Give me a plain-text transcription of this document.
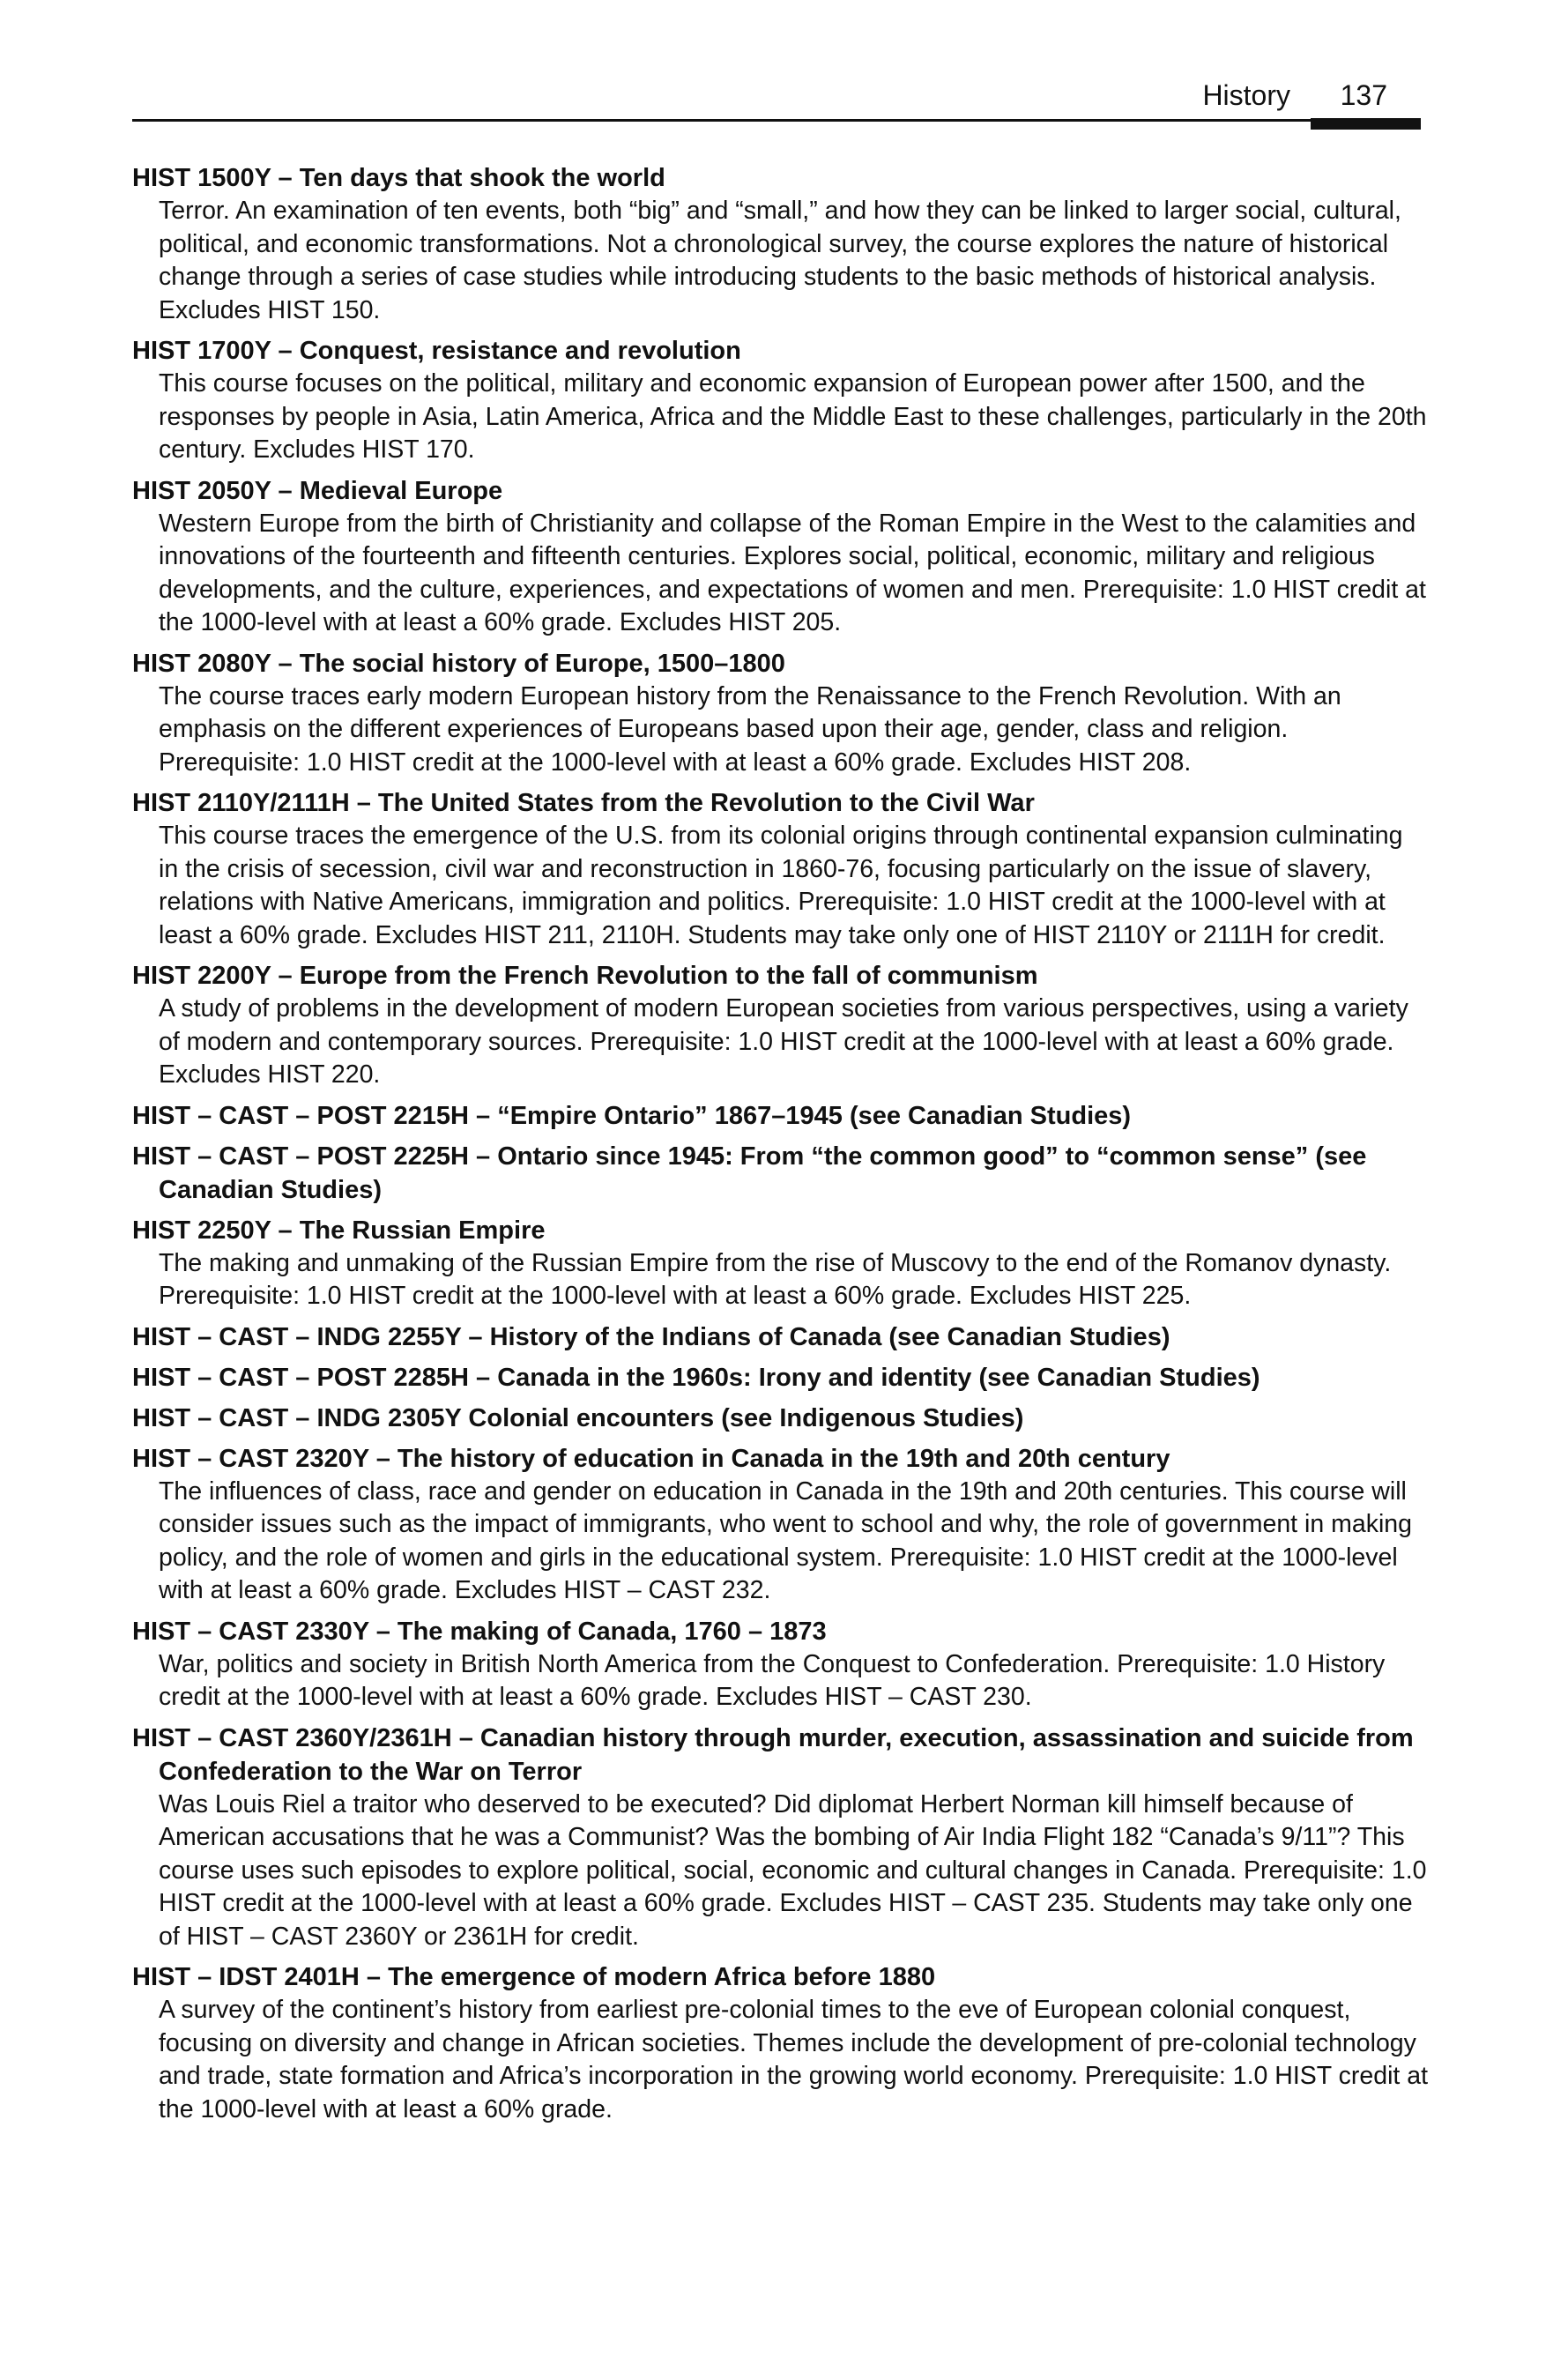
History 137

HIST 1500Y – Ten days that shook the world

Terror. An examination of ten events, both “big” and “small,” and how they can be linked to larger social, cultural, political, and economic transformations. Not a chronological survey, the course explores the nature of historical change through a series of case studies while introducing students to the basic methods of historical analysis. Excludes HIST 150.

HIST 1700Y – Conquest, resistance and revolution

This course focuses on the political, military and economic expansion of European power after 1500, and the responses by people in Asia, Latin America, Africa and the Middle East to these challenges, particularly in the 20th century. Excludes HIST 170.

HIST 2050Y – Medieval Europe

Western Europe from the birth of Christianity and collapse of the Roman Empire in the West to the calamities and innovations of the fourteenth and fifteenth centuries. Explores social, political, economic, military and religious developments, and the culture, experiences, and expectations of women and men. Prerequisite: 1.0 HIST credit at the 1000-level with at least a 60% grade. Excludes HIST 205.

HIST 2080Y – The social history of Europe, 1500–1800

The course traces early modern European history from the Renaissance to the French Revolution. With an emphasis on the different experiences of Europeans based upon their age, gender, class and religion. Prerequisite: 1.0 HIST credit at the 1000-level with at least a 60% grade. Excludes HIST 208.

HIST 2110Y/2111H – The United States from the Revolution to the Civil War

This course traces the emergence of the U.S. from its colonial origins through continental expansion culminating in the crisis of secession, civil war and reconstruction in 1860-76, focusing particularly on the issue of slavery, relations with Native Americans, immigration and politics. Prerequisite: 1.0 HIST credit at the 1000-level with at least a 60% grade. Excludes HIST 211, 2110H. Students may take only one of HIST 2110Y or 2111H for credit.

HIST 2200Y – Europe from the French Revolution to the fall of communism

A study of problems in the development of modern European societies from various perspectives, using a variety of modern and contemporary sources. Prerequisite: 1.0 HIST credit at the 1000-level with at least a 60% grade. Excludes HIST 220.

HIST – CAST – POST 2215H – “Empire Ontario” 1867–1945 (see Canadian Studies)

HIST – CAST – POST 2225H – Ontario since 1945: From “the common good” to “common sense” (see Canadian Studies)

HIST 2250Y – The Russian Empire

The making and unmaking of the Russian Empire from the rise of Muscovy to the end of the Romanov dynasty. Prerequisite: 1.0 HIST credit at the 1000-level with at least a 60% grade. Excludes HIST 225.

HIST – CAST – INDG 2255Y – History of the Indians of Canada (see Canadian Studies)

HIST – CAST – POST 2285H – Canada in the 1960s: Irony and identity (see Canadian Studies)

HIST – CAST – INDG 2305Y Colonial encounters (see Indigenous Studies)

HIST – CAST 2320Y – The history of education in Canada in the 19th and 20th century

The influences of class, race and gender on education in Canada in the 19th and 20th centuries. This course will consider issues such as the impact of immigrants, who went to school and why, the role of government in making policy, and the role of women and girls in the educational system. Prerequisite: 1.0 HIST credit at the 1000-level with at least a 60% grade. Excludes HIST – CAST 232.

HIST – CAST 2330Y – The making of Canada, 1760 – 1873

War, politics and society in British North America from the Conquest to Confederation. Prerequisite: 1.0 History credit at the 1000-level with at least a 60% grade. Excludes HIST – CAST 230.

HIST – CAST 2360Y/2361H – Canadian history through murder, execution, assassination and suicide from Confederation to the War on Terror

Was Louis Riel a traitor who deserved to be executed? Did diplomat Herbert Norman kill himself because of American accusations that he was a Communist? Was the bombing of Air India Flight 182 “Canada’s 9/11”? This course uses such episodes to explore political, social, economic and cultural changes in Canada. Prerequisite: 1.0 HIST credit at the 1000-level with at least a 60% grade. Excludes HIST – CAST 235. Students may take only one of HIST – CAST 2360Y or 2361H for credit.

HIST – IDST 2401H – The emergence of modern Africa before 1880

A survey of the continent’s history from earliest pre-colonial times to the eve of European colonial conquest, focusing on diversity and change in African societies. Themes include the development of pre-colonial technology and trade, state formation and Africa’s incorporation in the growing world economy. Prerequisite: 1.0 HIST credit at the 1000-level with at least a 60% grade.
